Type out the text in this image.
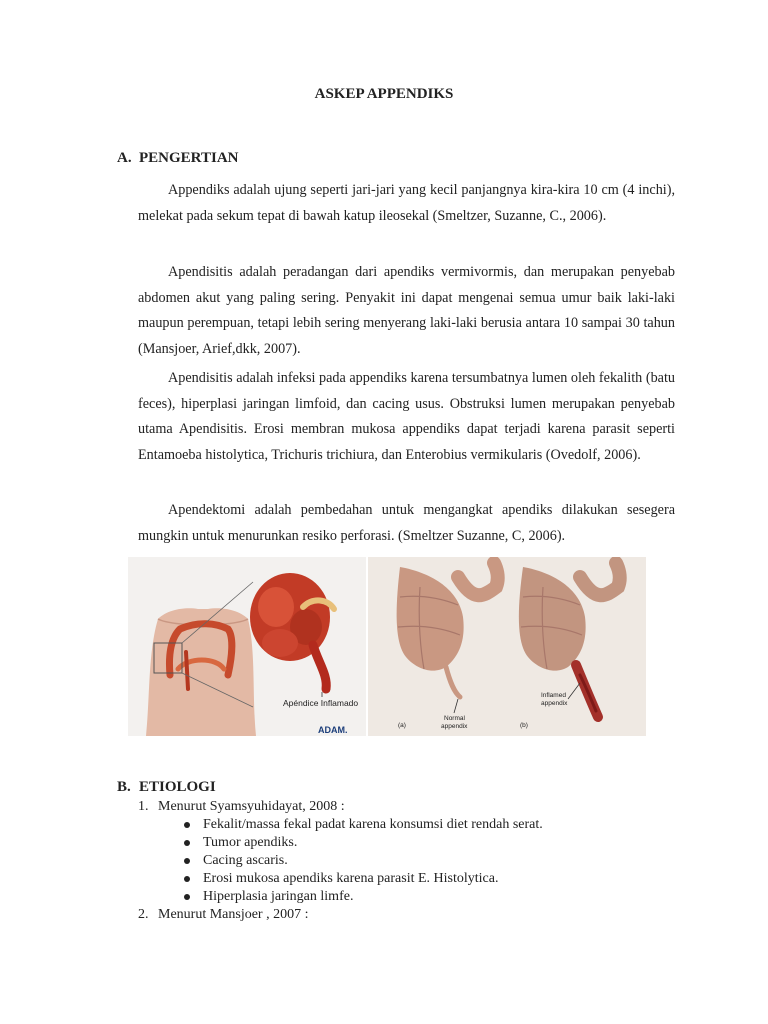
ASKEP APPENDIKS
A. PENGERTIAN

Appendiks adalah ujung seperti jari-jari yang kecil panjangnya kira-kira 10 cm (4 inchi), melekat pada sekum tepat di bawah katup ileosekal (Smeltzer, Suzanne, C., 2006).

Apendisitis adalah peradangan dari apendiks vermivormis, dan merupakan penyebab abdomen akut yang paling sering. Penyakit ini dapat mengenai semua umur baik laki-laki maupun perempuan, tetapi lebih sering menyerang laki-laki berusia antara 10 sampai 30 tahun (Mansjoer, Arief,dkk, 2007).

Apendisitis adalah infeksi pada appendiks karena tersumbatnya lumen oleh fekalith (batu feces), hiperplasi jaringan limfoid, dan cacing usus. Obstruksi lumen merupakan penyebab utama Apendisitis. Erosi membran mukosa appendiks dapat terjadi karena parasit seperti Entamoeba histolytica, Trichuris trichiura, dan Enterobius vermikularis (Ovedolf, 2006).

Apendektomi adalah pembedahan untuk mengangkat apendiks dilakukan sesegera mungkin untuk menurunkan resiko perforasi. (Smeltzer Suzanne, C, 2006).

Apéndice Inflamado
ADAM.	(a)
Normal
appendix	(b)
Inflamed
appendix
B. ETIOLOGI
1. Menurut Syamsyuhidayat, 2008 :
Fekalit/massa fekal padat karena konsumsi diet rendah serat.
Tumor apendiks.
Cacing ascaris.
Erosi mukosa apendiks karena parasit E. Histolytica.
Hiperplasia jaringan limfe.
2. Menurut Mansjoer , 2007 :
